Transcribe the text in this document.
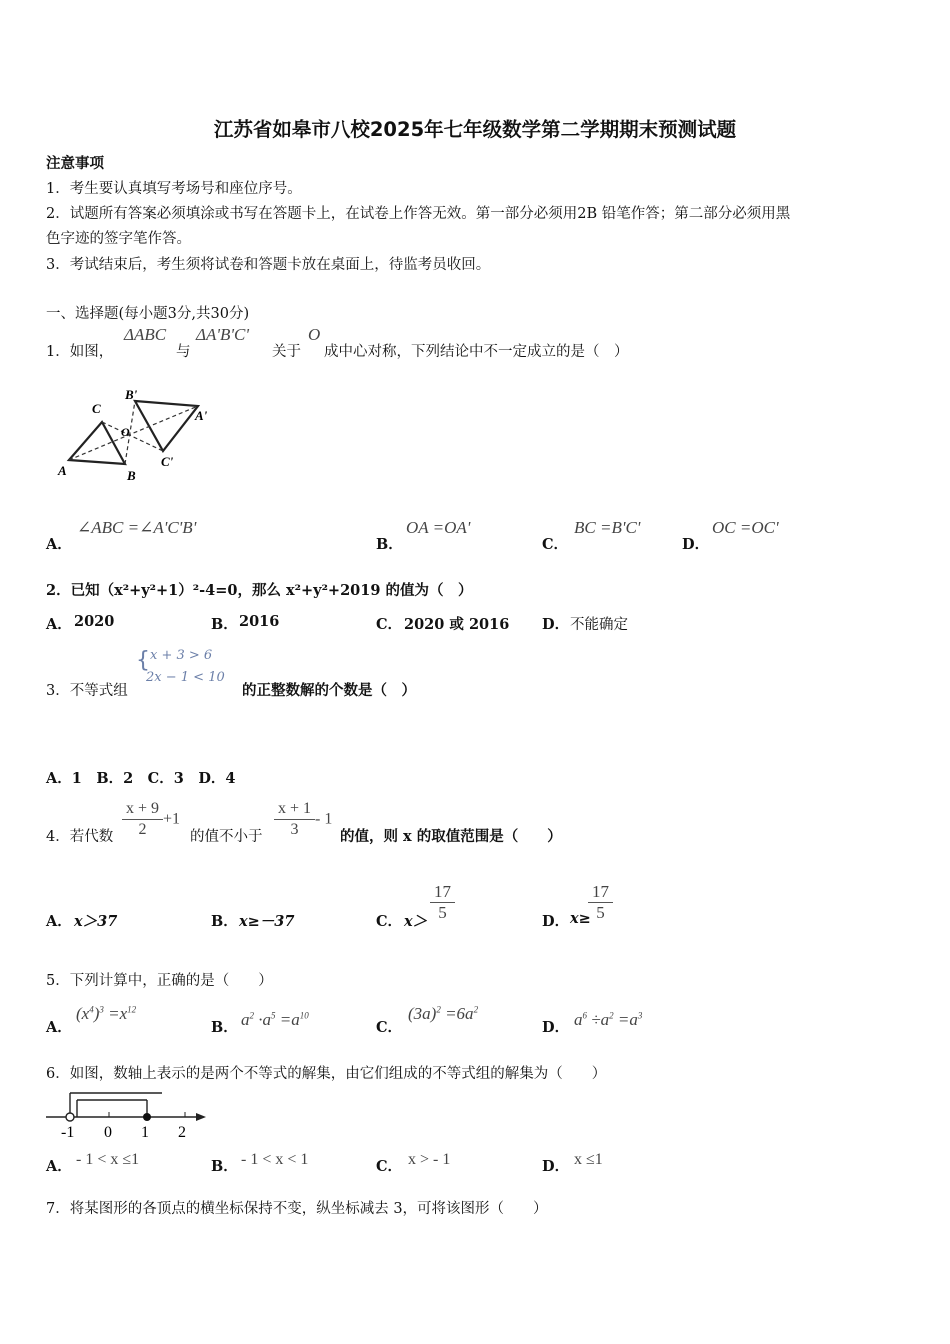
江苏省如皋市八校2025年七年级数学第二学期期末预测试题
注意事项
1．考生要认真填写考场号和座位序号。
2．试题所有答案必须填涂或书写在答题卡上，在试卷上作答无效。第一部分必须用2B 铅笔作答；第二部分必须用黑
色字迹的签字笔作答。
3．考试结束后，考生须将试卷和答题卡放在桌面上，待监考员收回。
一、选择题(每小题3分,共30分)
1．如图，
ΔABC
与
ΔA'B'C'
关于
O
成中心对称，下列结论中不一定成立的是（　）
C
A	B
B'
A'
C'
O
A．
∠ABC =∠A'C'B'
B．
OA =OA'
C．
BC =B'C'
D．
OC =OC'
2．已知（x²+y²+1）²-4=0，那么 x²+y²+2019 的值为（　）
A． 2020	B． 2016	C． 2020 或 2016 D． 不能确定
3．不等式组
{ 𝑥 + 3 > 6
2𝑥 − 1 < 10
的正整数解的个数是（　）
A．1　B．2　C．3　D．4
4．若代数 $\frac{x + 9}{2} +1$
的值不小于 $\frac{x + 1}{3} - 1$
的值，则 x 的取值范围是（　　）
A． x＞37	B． x≥－37	C． $x> \frac{17}{5}$	D． x≥
$\frac{17}{5}$
5．下列计算中，正确的是（　　）
A．
$(x^4)^3 =x^{12}$
B． $a^2 \cdot a^5 =a^{10}$
C．
$(3a)^2 =6a^2$
D． $a^6 \div a^2 =a^3$
6．如图，数轴上表示的是两个不等式的解集，由它们组成的不等式组的解集为（　　）
-1 0 1 2
A． - 1 < x ≤1	B． - 1 < x < 1	C． x > - 1	D． x ≤1
7．将某图形的各顶点的横坐标保持不变，纵坐标减去 3，可将该图形（　　）
